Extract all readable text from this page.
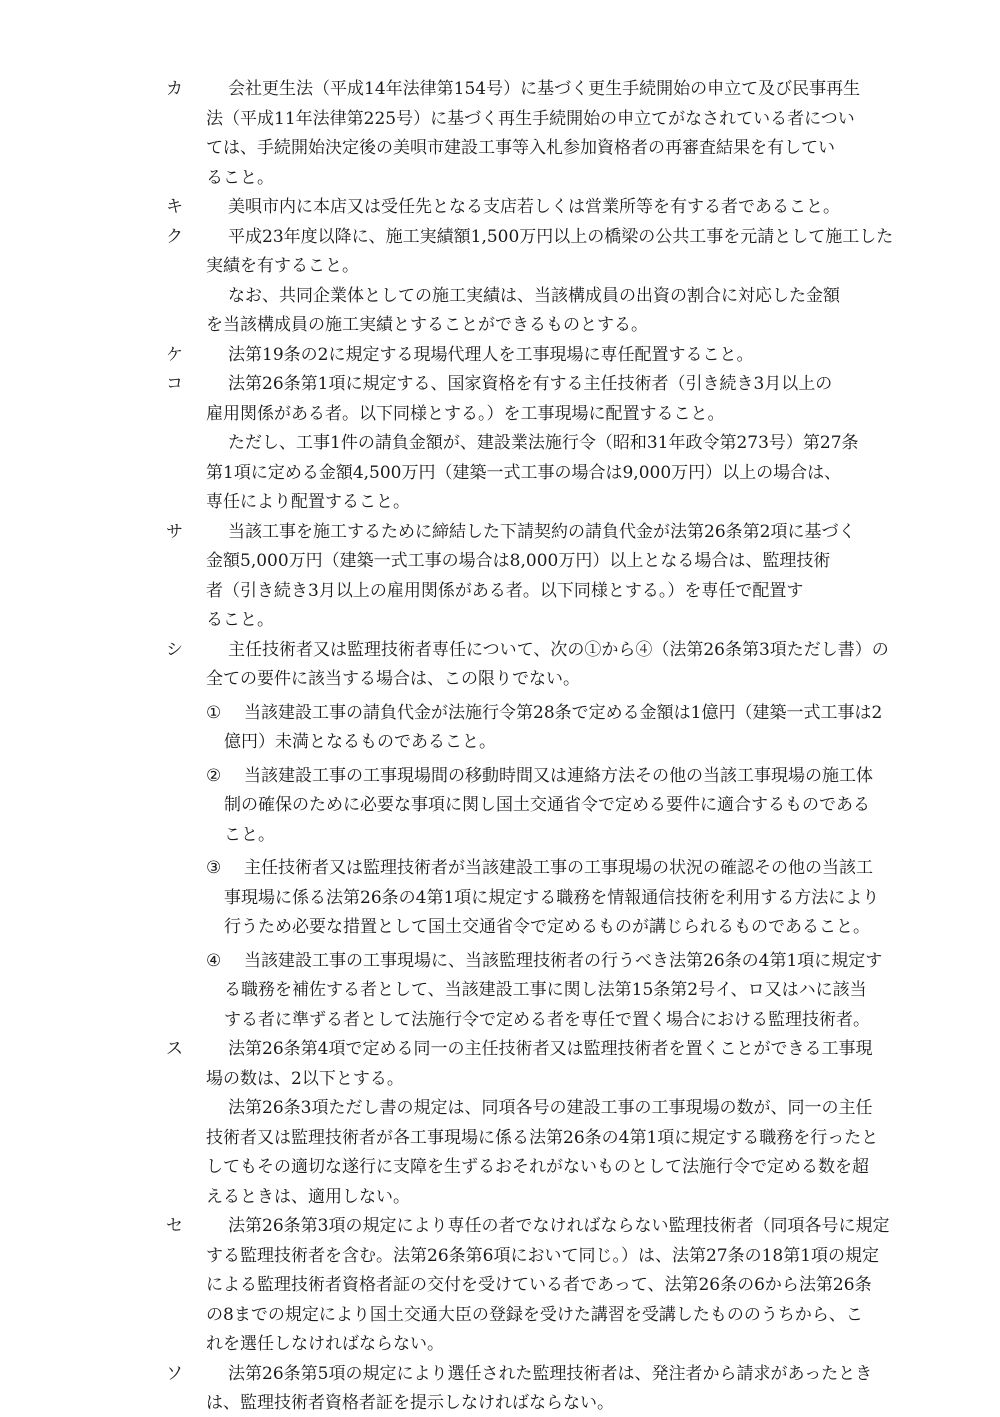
カ	会社更生法（平成14年法律第154号）に基づく更生手続開始の申立て及び民事再生
法（平成11年法律第225号）に基づく再生手続開始の申立てがなされている者につい
ては、手続開始決定後の美唄市建設工事等入札参加資格者の再審査結果を有してい
ること。
キ	美唄市内に本店又は受任先となる支店若しくは営業所等を有する者であること。
ク	平成23年度以降に、施工実績額1,500万円以上の橋梁の公共工事を元請として施工した
実績を有すること。
なお、共同企業体としての施工実績は、当該構成員の出資の割合に対応した金額
を当該構成員の施工実績とすることができるものとする。
ケ	法第19条の2に規定する現場代理人を工事現場に専任配置すること。
コ	法第26条第1項に規定する、国家資格を有する主任技術者（引き続き3月以上の
雇用関係がある者。以下同様とする。）を工事現場に配置すること。
ただし、工事1件の請負金額が、建設業法施行令（昭和31年政令第273号）第27条
第1項に定める金額4,500万円（建築一式工事の場合は9,000万円）以上の場合は、
専任により配置すること。
サ	当該工事を施工するために締結した下請契約の請負代金が法第26条第2項に基づく
金額5,000万円（建築一式工事の場合は8,000万円）以上となる場合は、監理技術
者（引き続き3月以上の雇用関係がある者。以下同様とする。）を専任で配置す
ること。
シ	主任技術者又は監理技術者専任について、次の①から④（法第26条第3項ただし書）の
全ての要件に該当する場合は、この限りでない。
①	当該建設工事の請負代金が法施行令第28条で定める金額は1億円（建築一式工事は2
億円）未満となるものであること。
②	当該建設工事の工事現場間の移動時間又は連絡方法その他の当該工事現場の施工体
制の確保のために必要な事項に関し国土交通省令で定める要件に適合するものである
こと。
③	主任技術者又は監理技術者が当該建設工事の工事現場の状況の確認その他の当該工
事現場に係る法第26条の4第1項に規定する職務を情報通信技術を利用する方法により
行うため必要な措置として国土交通省令で定めるものが講じられるものであること。
④	当該建設工事の工事現場に、当該監理技術者の行うべき法第26条の4第1項に規定す
る職務を補佐する者として、当該建設工事に関し法第15条第2号イ、ロ又はハに該当
する者に準ずる者として法施行令で定める者を専任で置く場合における監理技術者。
ス	法第26条第4項で定める同一の主任技術者又は監理技術者を置くことができる工事現
場の数は、2以下とする。
法第26条3項ただし書の規定は、同項各号の建設工事の工事現場の数が、同一の主任
技術者又は監理技術者が各工事現場に係る法第26条の4第1項に規定する職務を行ったと
してもその適切な遂行に支障を生ずるおそれがないものとして法施行令で定める数を超
えるときは、適用しない。
セ	法第26条第3項の規定により専任の者でなければならない監理技術者（同項各号に規定
する監理技術者を含む。法第26条第6項において同じ。）は、法第27条の18第1項の規定
による監理技術者資格者証の交付を受けている者であって、法第26条の6から法第26条
の8までの規定により国土交通大臣の登録を受けた講習を受講したもののうちから、こ
れを選任しなければならない。
ソ	法第26条第5項の規定により選任された監理技術者は、発注者から請求があったとき
は、監理技術者資格者証を提示しなければならない。
